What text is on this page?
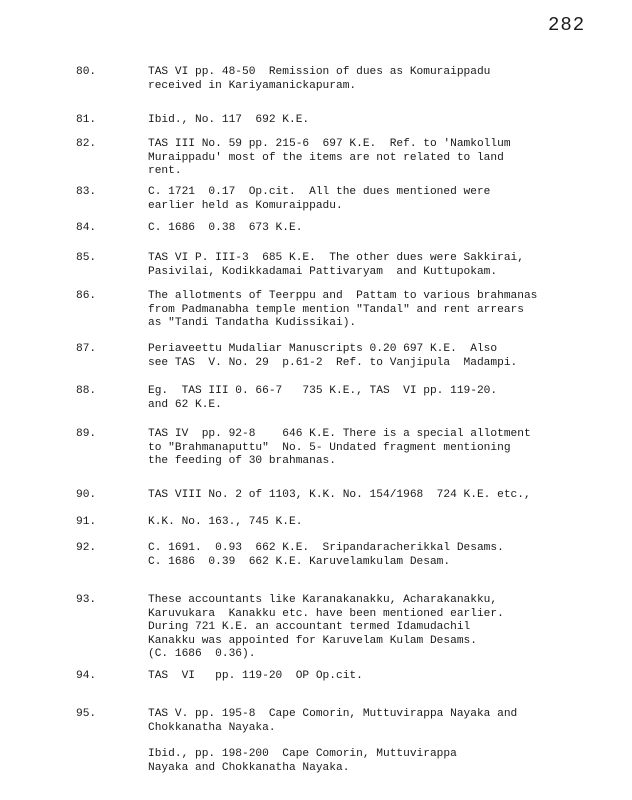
282
80.	TAS VI pp. 48-50  Remission of dues as Komuraippadu
received in Kariyamanickapuram.
81.	Ibid., No. 117  692 K.E.
82.	TAS III No. 59 pp. 215-6  697 K.E.  Ref. to 'Namkollum
Muraippadu' most of the items are not related to land
rent.
83.	C. 1721  0.17  Op.cit.  All the dues mentioned were
earlier held as Komuraippadu.
84.	C. 1686  0.38  673 K.E.
85.	TAS VI P. III-3  685 K.E.  The other dues were Sakkirai,
Pasivilai, Kodikkadamai Pattivaryam  and Kuttupokam.
86.	The allotments of Teerppu and  Pattam to various brahmanas
from Padmanabha temple mention "Tandal" and rent arrears
as "Tandi Tandatha Kudissikai).
87.	Periaveettu Mudaliar Manuscripts 0.20 697 K.E.  Also
see TAS  V. No. 29  p.61-2  Ref. to Vanjipula  Madampi.
88.	Eg.  TAS III 0. 66-7   735 K.E., TAS  VI pp. 119-20.
and 62 K.E.
89.	TAS IV  pp. 92-8    646 K.E. There is a special allotment
to "Brahmanaputtu"  No. 5- Undated fragment mentioning
the feeding of 30 brahmanas.
90.	TAS VIII No. 2 of 1103, K.K. No. 154/1968  724 K.E. etc.,
91.	K.K. No. 163., 745 K.E.
92.	C. 1691.  0.93  662 K.E.  Sripandaracherikkal Desams.
C. 1686  0.39  662 K.E. Karuvelamkulam Desam.
93.	These accountants like Karanakanakku, Acharakanakku,
Karuvukara  Kanakku etc. have been mentioned earlier.
During 721 K.E. an accountant termed Idamudachil
Kanakku was appointed for Karuvelam Kulam Desams.
(C. 1686  0.36).
94.	TAS  VI   pp. 119-20  OP Op.cit.
95.	TAS V. pp. 195-8  Cape Comorin, Muttuvirappa Nayaka and
Chokkanatha Nayaka.
Ibid., pp. 198-200  Cape Comorin, Muttuvirappa
Nayaka and Chokkanatha Nayaka.
